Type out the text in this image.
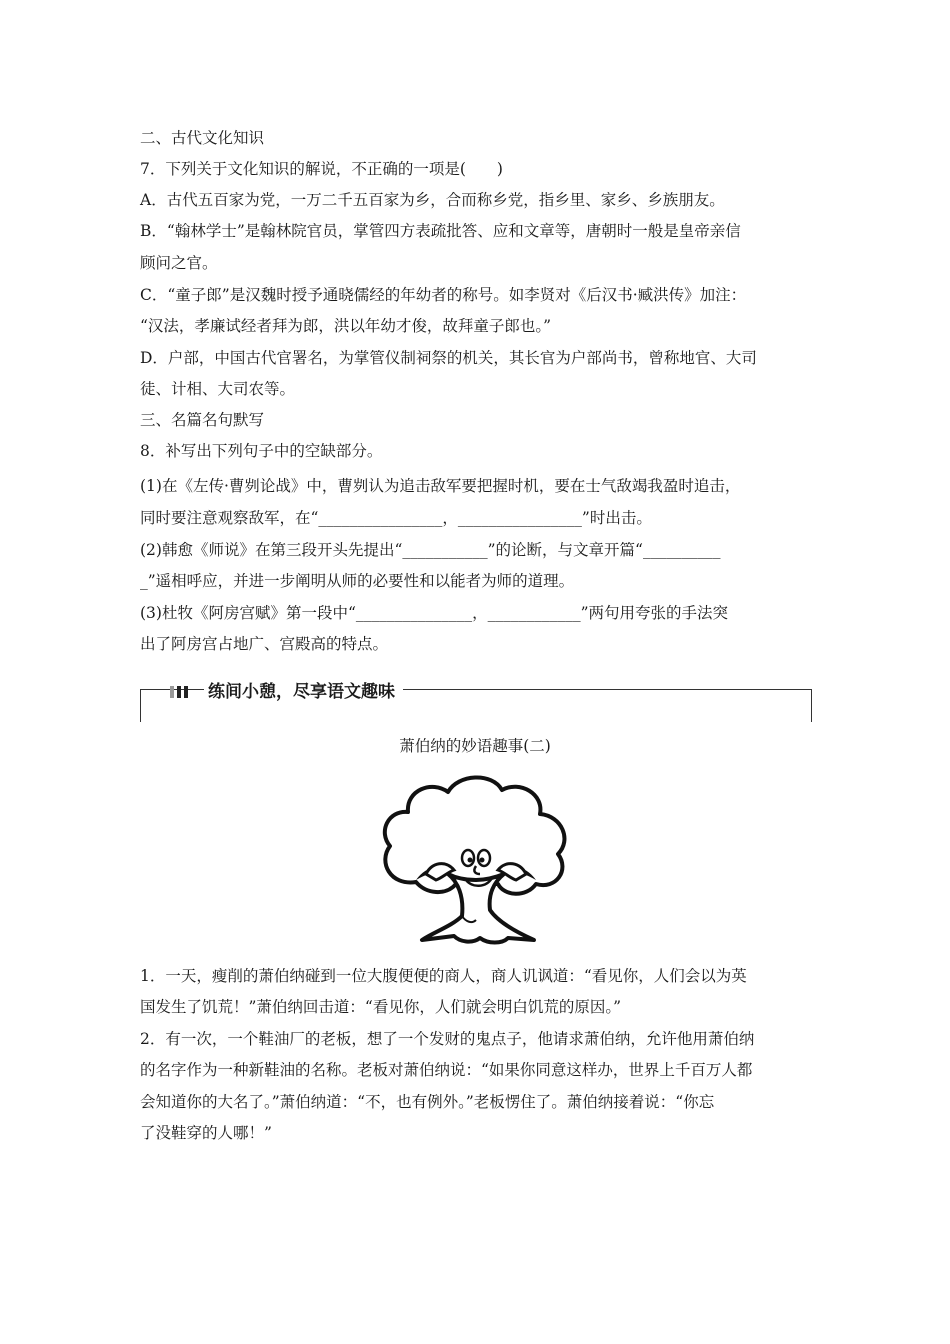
二、古代文化知识
7．下列关于文化知识的解说，不正确的一项是(　　)
A．古代五百家为党，一万二千五百家为乡，合而称乡党，指乡里、家乡、乡族朋友。
B．“翰林学士”是翰林院官员，掌管四方表疏批答、应和文章等，唐朝时一般是皇帝亲信
顾问之官。
C．“童子郎”是汉魏时授予通晓儒经的年幼者的称号。如李贤对《后汉书·臧洪传》加注：
“汉法，孝廉试经者拜为郎，洪以年幼才俊，故拜童子郎也。”
D．户部，中国古代官署名，为掌管仪制祠祭的机关，其长官为户部尚书，曾称地官、大司
徒、计相、大司农等。
三、名篇名句默写
8．补写出下列句子中的空缺部分。
(1)在《左传·曹刿论战》中，曹刿认为追击敌军要把握时机，要在士气敌竭我盈时追击，
同时要注意观察敌军，在“________________，________________”时出击。
(2)韩愈《师说》在第三段开头先提出“___________”的论断，与文章开篇“__________
_”遥相呼应，并进一步阐明从师的必要性和以能者为师的道理。
(3)杜牧《阿房宫赋》第一段中“_______________，____________”两句用夸张的手法突
出了阿房宫占地广、宫殿高的特点。
练间小憩，尽享语文趣味
萧伯纳的妙语趣事(二)
1．一天，瘦削的萧伯纳碰到一位大腹便便的商人，商人讥讽道：“看见你，人们会以为英
国发生了饥荒！”萧伯纳回击道：“看见你，人们就会明白饥荒的原因。”
2．有一次，一个鞋油厂的老板，想了一个发财的鬼点子，他请求萧伯纳，允许他用萧伯纳
的名字作为一种新鞋油的名称。老板对萧伯纳说：“如果你同意这样办，世界上千百万人都
会知道你的大名了。”萧伯纳道：“不，也有例外。”老板愣住了。萧伯纳接着说：“你忘
了没鞋穿的人哪！”
